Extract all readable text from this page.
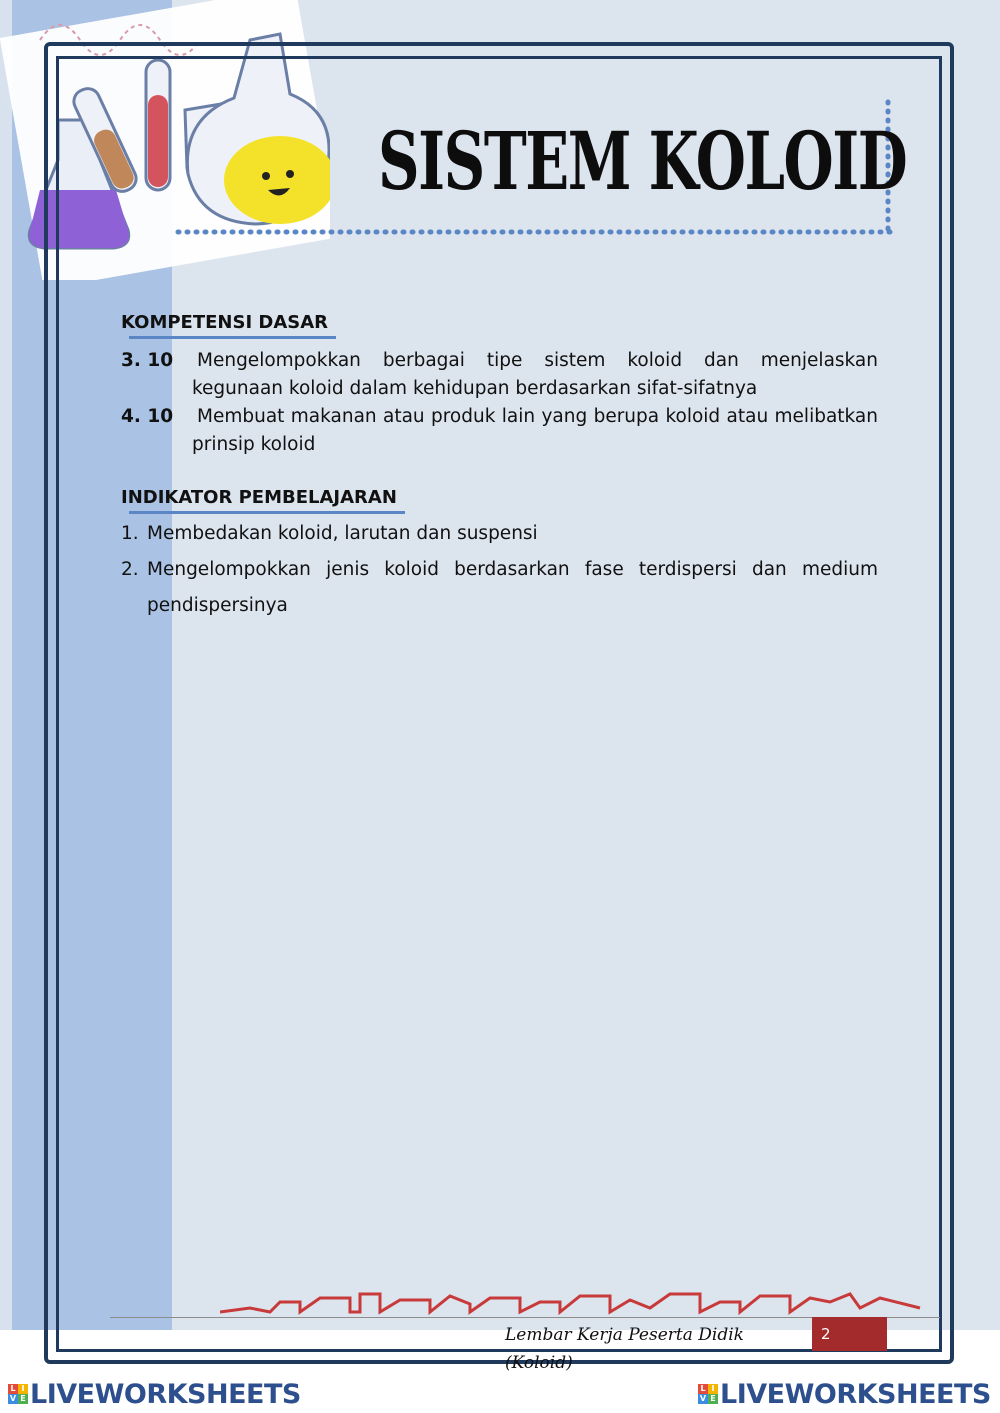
SISTEM KOLOID
KOMPETENSI DASAR
3. 10	Mengelompokkan berbagai tipe sistem koloid dan menjelaskan kegunaan koloid dalam kehidupan berdasarkan sifat-sifatnya
4. 10	Membuat makanan atau produk lain yang berupa koloid atau melibatkan prinsip koloid
INDIKATOR PEMBELAJARAN
1. Membedakan koloid, larutan dan suspensi
2. Mengelompokkan jenis koloid berdasarkan fase terdispersi dan medium pendispersinya
Lembar Kerja Peserta Didik (Koloid)
2
L I
V E LIVEWORKSHEETS	L I
V E LIVEWORKSHEETS
